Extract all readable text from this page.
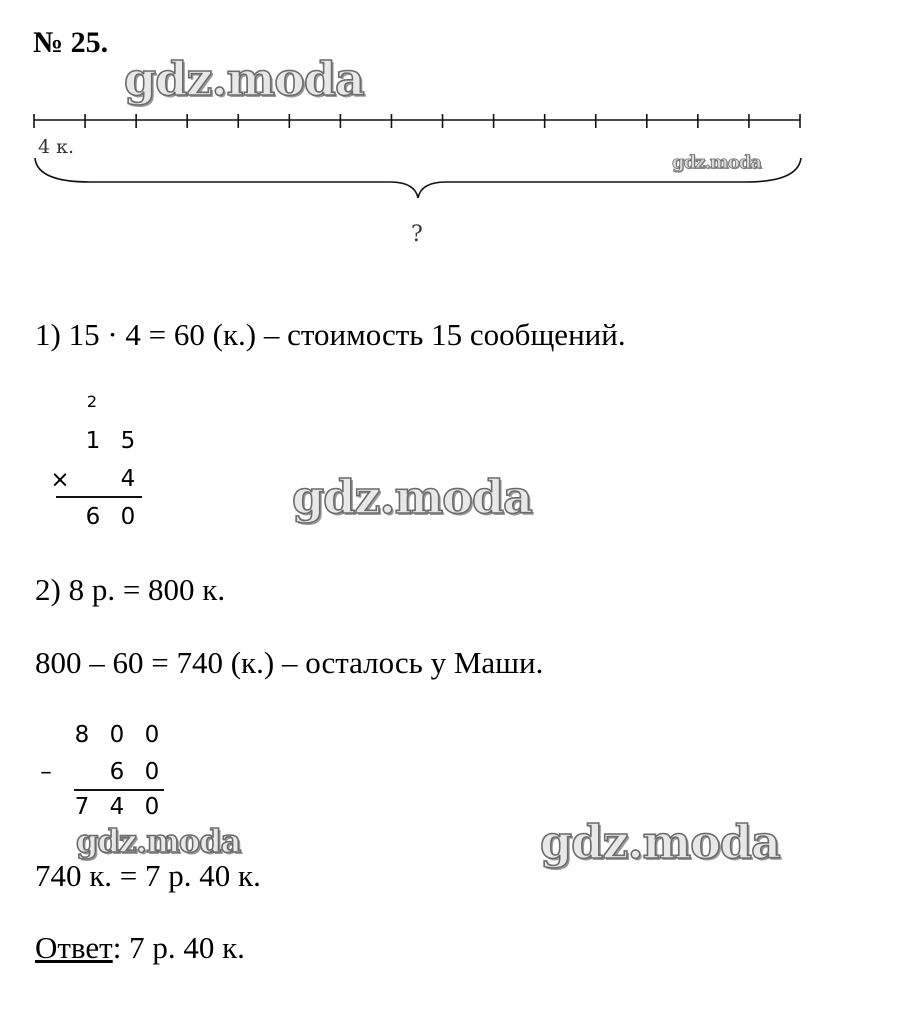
№ 25.
gdz.moda
gdz.moda
gdz.moda
gdz.moda	gdz.moda
4 к.
?
1) 15 · 4 = 60 (к.) – стоимость 15 сообщений.
2
1 5
× 4
6 0
2) 8 р. = 800 к.
800 – 60 = 740 (к.) – осталось у Маши.
8 0 0
–	6 0
7 4 0
740 к. = 7 р. 40 к.
Ответ: 7 р. 40 к.
